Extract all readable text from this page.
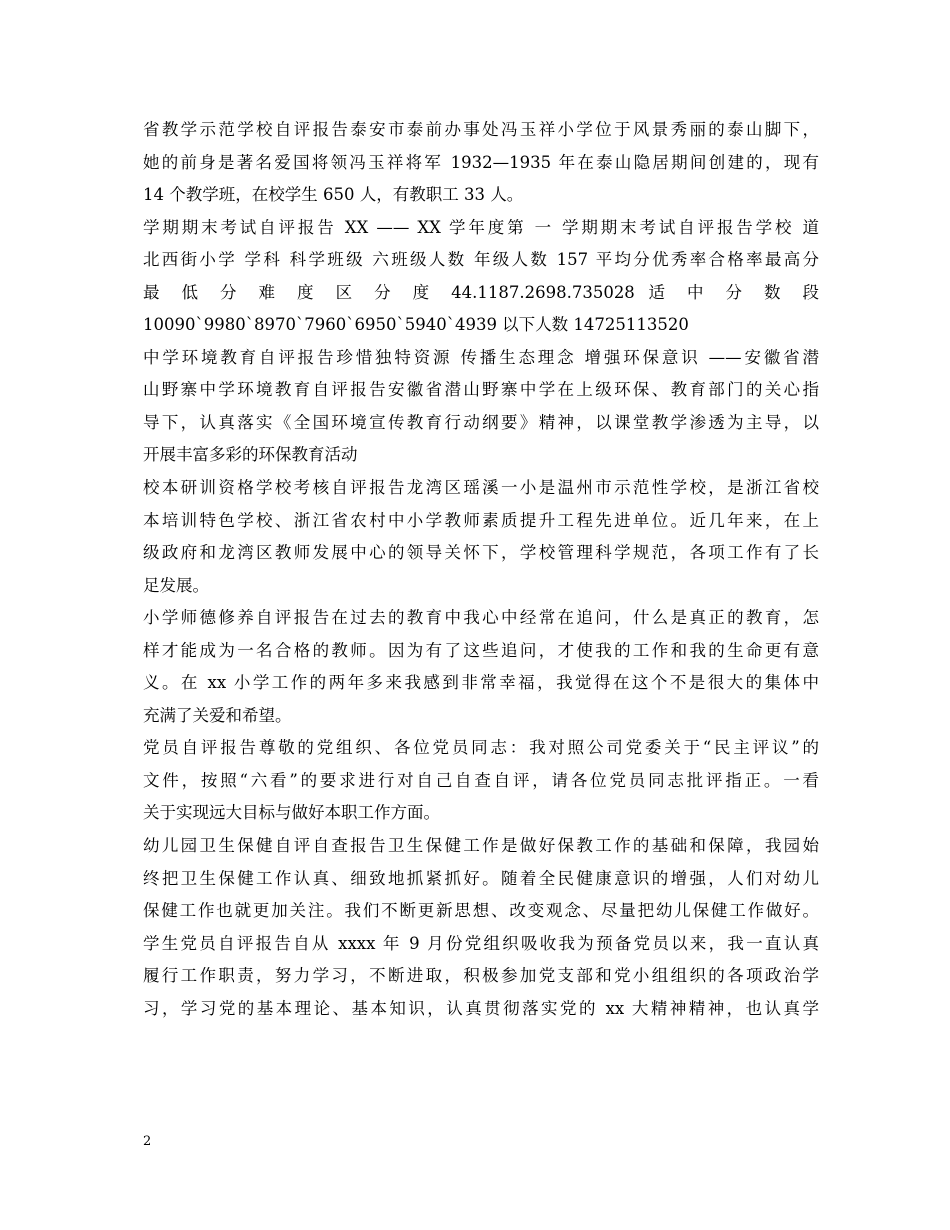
省教学示范学校自评报告泰安市泰前办事处冯玉祥小学位于风景秀丽的泰山脚下，
她的前身是著名爱国将领冯玉祥将军 1932—1935 年在泰山隐居期间创建的，现有
14 个教学班，在校学生 650 人，有教职工 33 人。
学期期末考试自评报告 XX —— XX 学年度第 一 学期期末考试自评报告学校 道
北西街小学 学科 科学班级 六班级人数 年级人数 157 平均分优秀率合格率最高分
最 低 分 难 度 区 分 度 44.1187.2698.735028 适 中 分 数 段
10090`9980`8970`7960`6950`5940`4939 以下人数 14725113520
中学环境教育自评报告珍惜独特资源 传播生态理念 增强环保意识 ——安徽省潜
山野寨中学环境教育自评报告安徽省潜山野寨中学在上级环保、教育部门的关心指
导下，认真落实《全国环境宣传教育行动纲要》精神，以课堂教学渗透为主导，以
开展丰富多彩的环保教育活动
校本研训资格学校考核自评报告龙湾区瑶溪一小是温州市示范性学校，是浙江省校
本培训特色学校、浙江省农村中小学教师素质提升工程先进单位。近几年来，在上
级政府和龙湾区教师发展中心的领导关怀下，学校管理科学规范，各项工作有了长
足发展。
小学师德修养自评报告在过去的教育中我心中经常在追问，什么是真正的教育，怎
样才能成为一名合格的教师。因为有了这些追问，才使我的工作和我的生命更有意
义。在 xx 小学工作的两年多来我感到非常幸福，我觉得在这个不是很大的集体中
充满了关爱和希望。
党员自评报告尊敬的党组织、各位党员同志：我对照公司党委关于“民主评议”的
文件，按照“六看”的要求进行对自己自查自评，请各位党员同志批评指正。一看
关于实现远大目标与做好本职工作方面。
幼儿园卫生保健自评自查报告卫生保健工作是做好保教工作的基础和保障，我园始
终把卫生保健工作认真、细致地抓紧抓好。随着全民健康意识的增强，人们对幼儿
保健工作也就更加关注。我们不断更新思想、改变观念、尽量把幼儿保健工作做好。
学生党员自评报告自从 xxxx 年 9 月份党组织吸收我为预备党员以来，我一直认真
履行工作职责，努力学习，不断进取，积极参加党支部和党小组组织的各项政治学
习，学习党的基本理论、基本知识，认真贯彻落实党的 xx 大精神精神，也认真学
2
